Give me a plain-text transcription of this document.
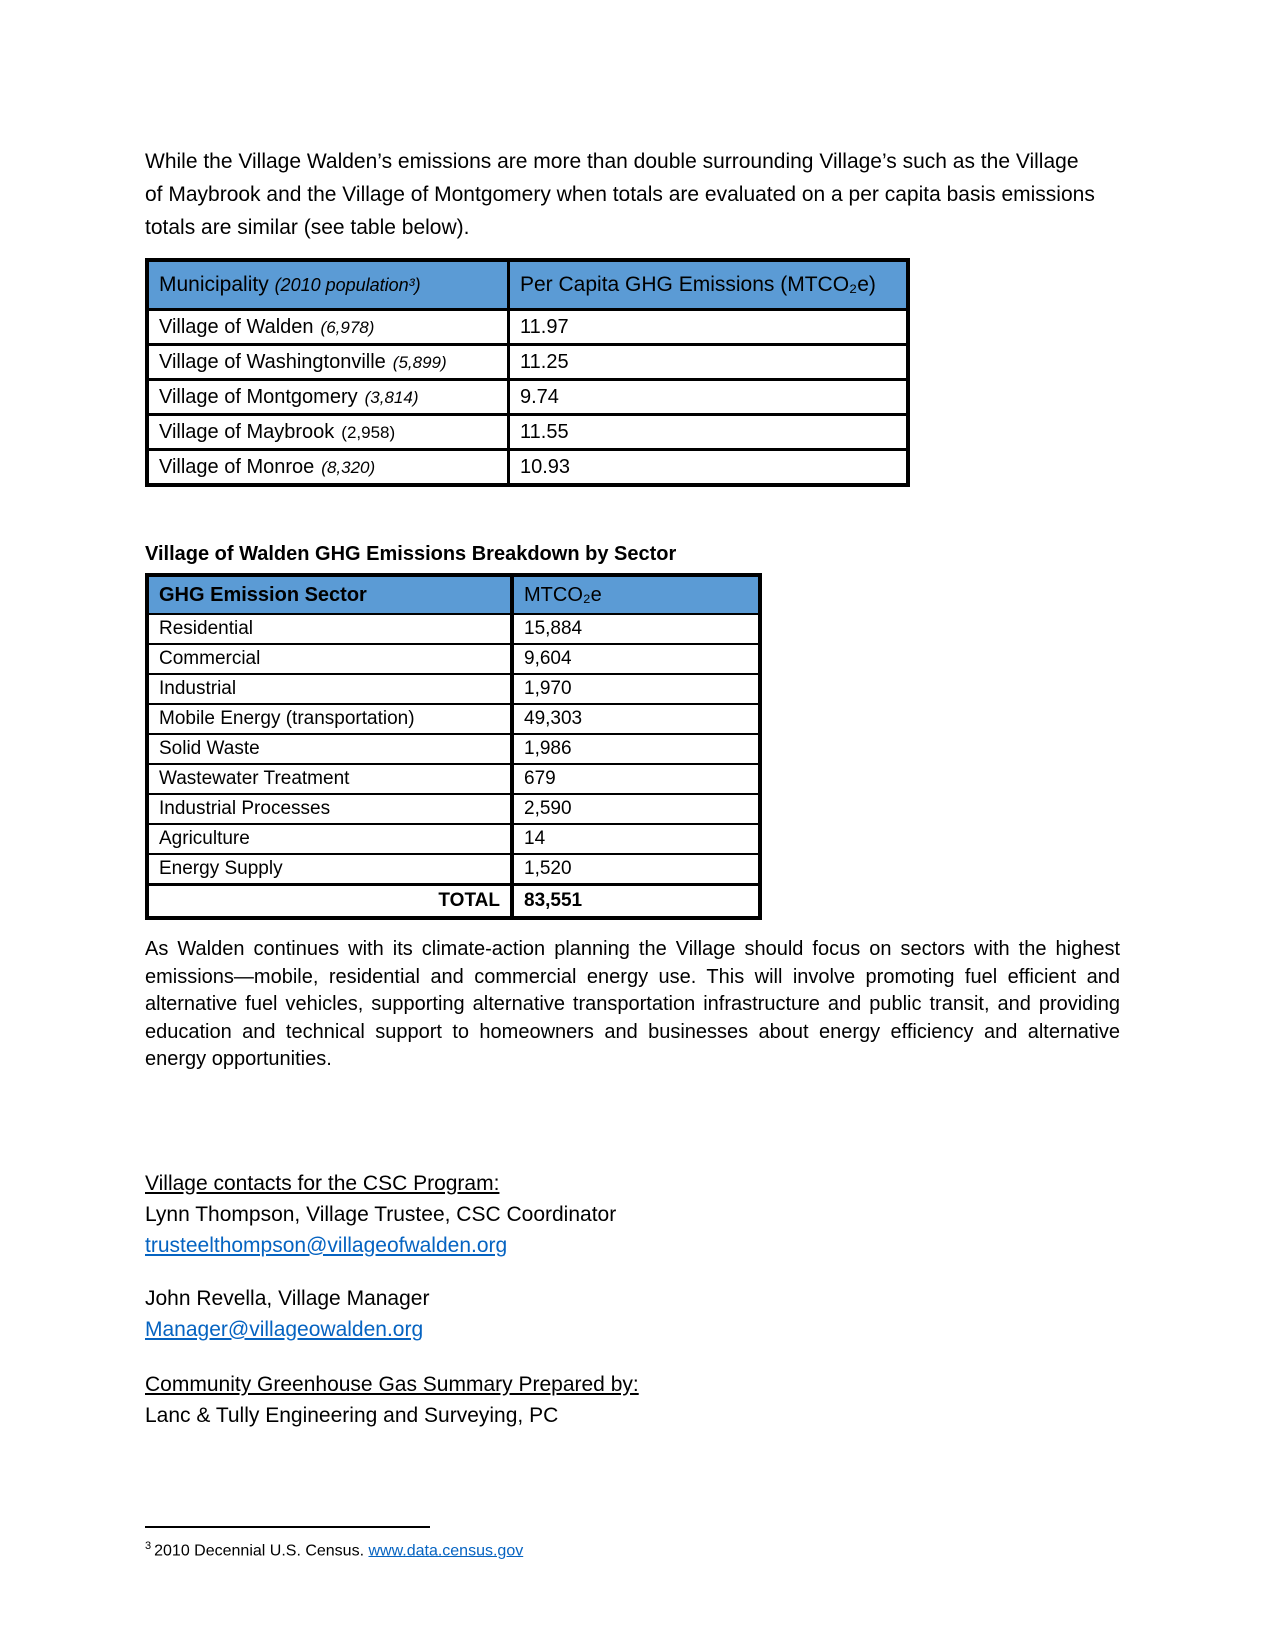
While the Village Walden’s emissions are more than double surrounding Village’s such as the Village of Maybrook and the Village of Montgomery when totals are evaluated on a per capita basis emissions totals are similar (see table below).

Municipality (2010 population³)	Per Capita GHG Emissions (MTCO₂e)
Village of Walden (6,978)	11.97
Village of Washingtonville (5,899)	11.25
Village of Montgomery (3,814)	9.74
Village of Maybrook (2,958)	11.55
Village of Monroe (8,320)	10.93
Village of Walden GHG Emissions Breakdown by Sector
GHG Emission Sector	MTCO₂e
Residential	15,884
Commercial	9,604
Industrial	1,970
Mobile Energy (transportation)	49,303
Solid Waste	1,986
Wastewater Treatment	679
Industrial Processes	2,590
Agriculture	14
Energy Supply	1,520
TOTAL	83,551

As Walden continues with its climate-action planning the Village should focus on sectors with the highest emissions—mobile, residential and commercial energy use. This will involve promoting fuel efficient and alternative fuel vehicles, supporting alternative transportation infrastructure and public transit, and providing education and technical support to homeowners and businesses about energy efficiency and alternative energy opportunities.

Village contacts for the CSC Program:

Lynn Thompson, Village Trustee, CSC Coordinator

trusteelthompson@villageofwalden.org

John Revella, Village Manager

Manager@villageowalden.org

Community Greenhouse Gas Summary Prepared by:

Lanc & Tully Engineering and Surveying, PC

$^3$ 2010 Decennial U.S. Census. www.data.census.gov
